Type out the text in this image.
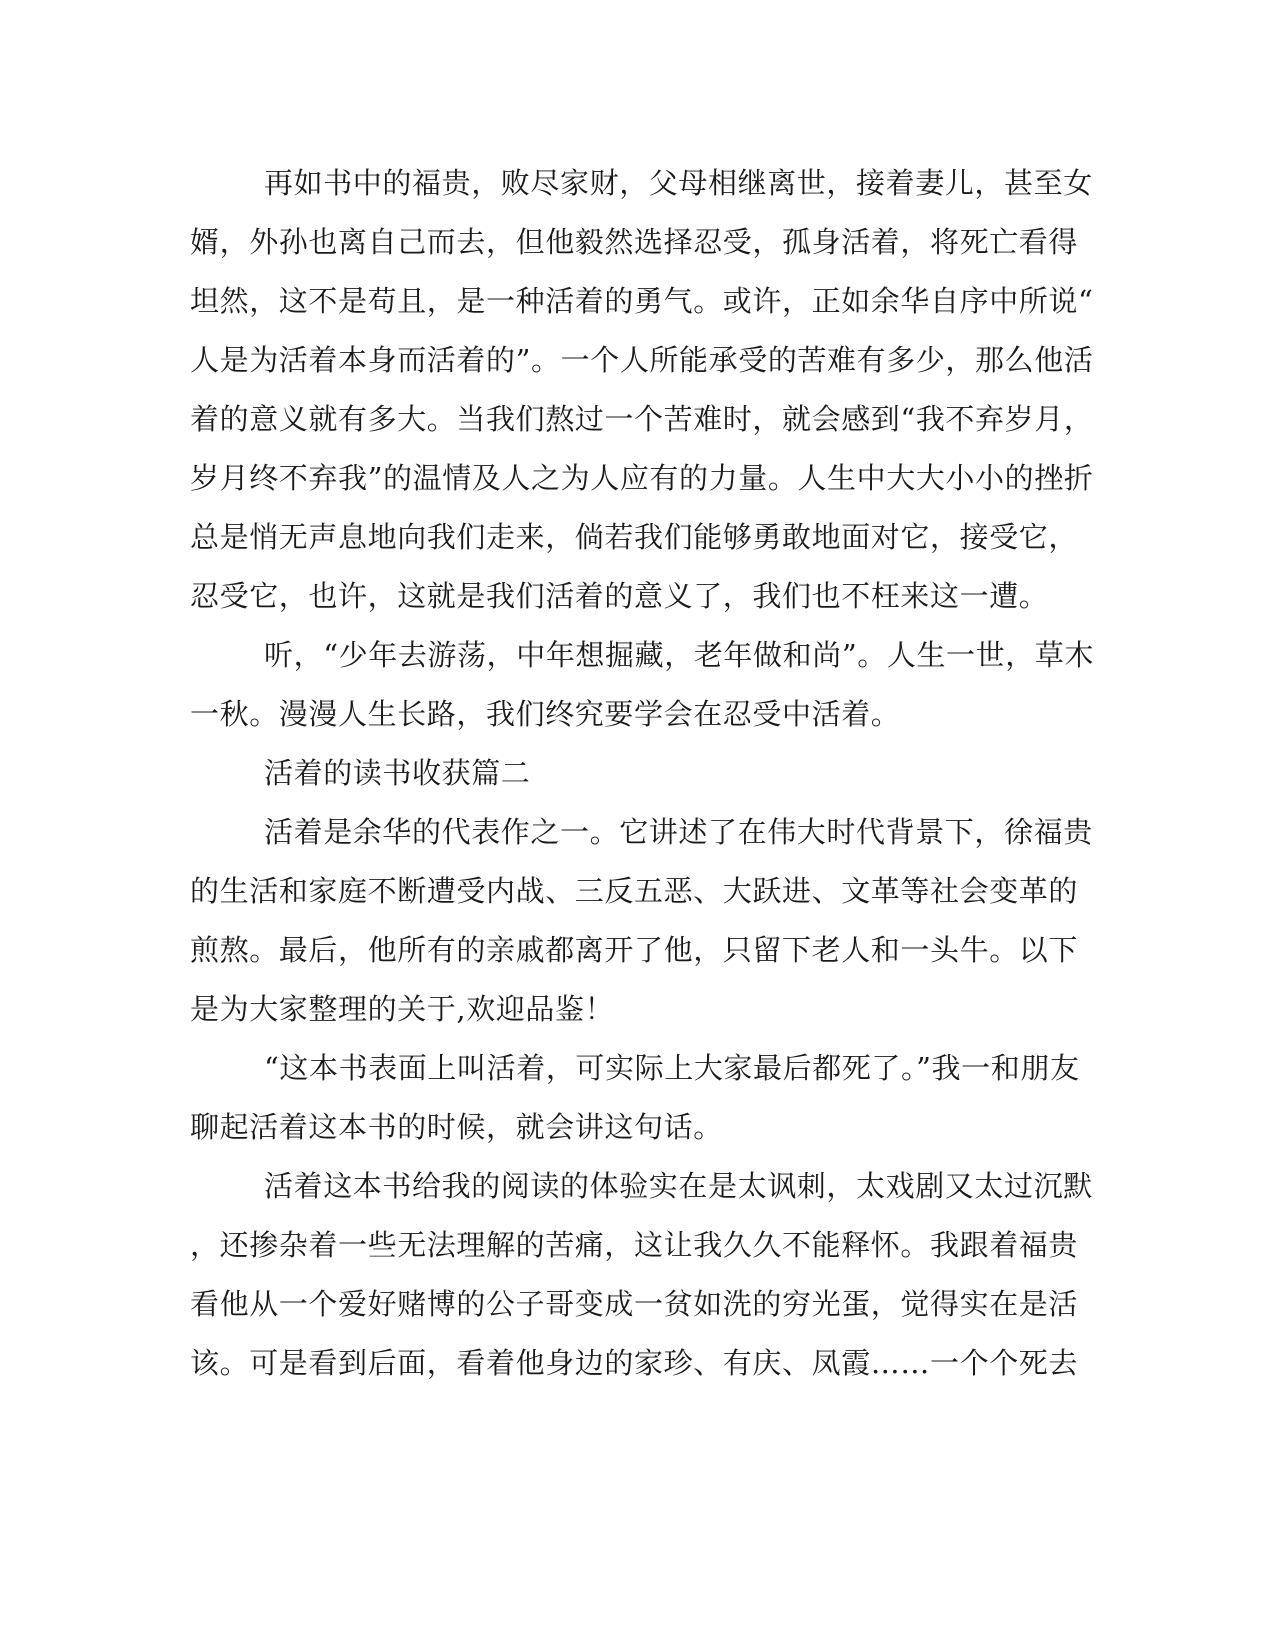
再如书中的福贵，败尽家财，父母相继离世，接着妻儿，甚至女
婿，外孙也离自己而去，但他毅然选择忍受，孤身活着，将死亡看得
坦然，这不是苟且，是一种活着的勇气。或许，正如余华自序中所说“
人是为活着本身而活着的”。一个人所能承受的苦难有多少，那么他活
着的意义就有多大。当我们熬过一个苦难时，就会感到“我不弃岁月，
岁月终不弃我”的温情及人之为人应有的力量。人生中大大小小的挫折
总是悄无声息地向我们走来，倘若我们能够勇敢地面对它，接受它，
忍受它，也许，这就是我们活着的意义了，我们也不枉来这一遭。
听，“少年去游荡，中年想掘藏，老年做和尚”。人生一世，草木
一秋。漫漫人生长路，我们终究要学会在忍受中活着。
活着的读书收获篇二
活着是余华的代表作之一。它讲述了在伟大时代背景下，徐福贵
的生活和家庭不断遭受内战、三反五恶、大跃进、文革等社会变革的
煎熬。最后，他所有的亲戚都离开了他，只留下老人和一头牛。以下
是为大家整理的关于,欢迎品鉴！
“这本书表面上叫活着，可实际上大家最后都死了。”我一和朋友
聊起活着这本书的时候，就会讲这句话。
活着这本书给我的阅读的体验实在是太讽刺，太戏剧又太过沉默
，还掺杂着一些无法理解的苦痛，这让我久久不能释怀。我跟着福贵
看他从一个爱好赌博的公子哥变成一贫如洗的穷光蛋，觉得实在是活
该。可是看到后面，看着他身边的家珍、有庆、凤霞……一个个死去
